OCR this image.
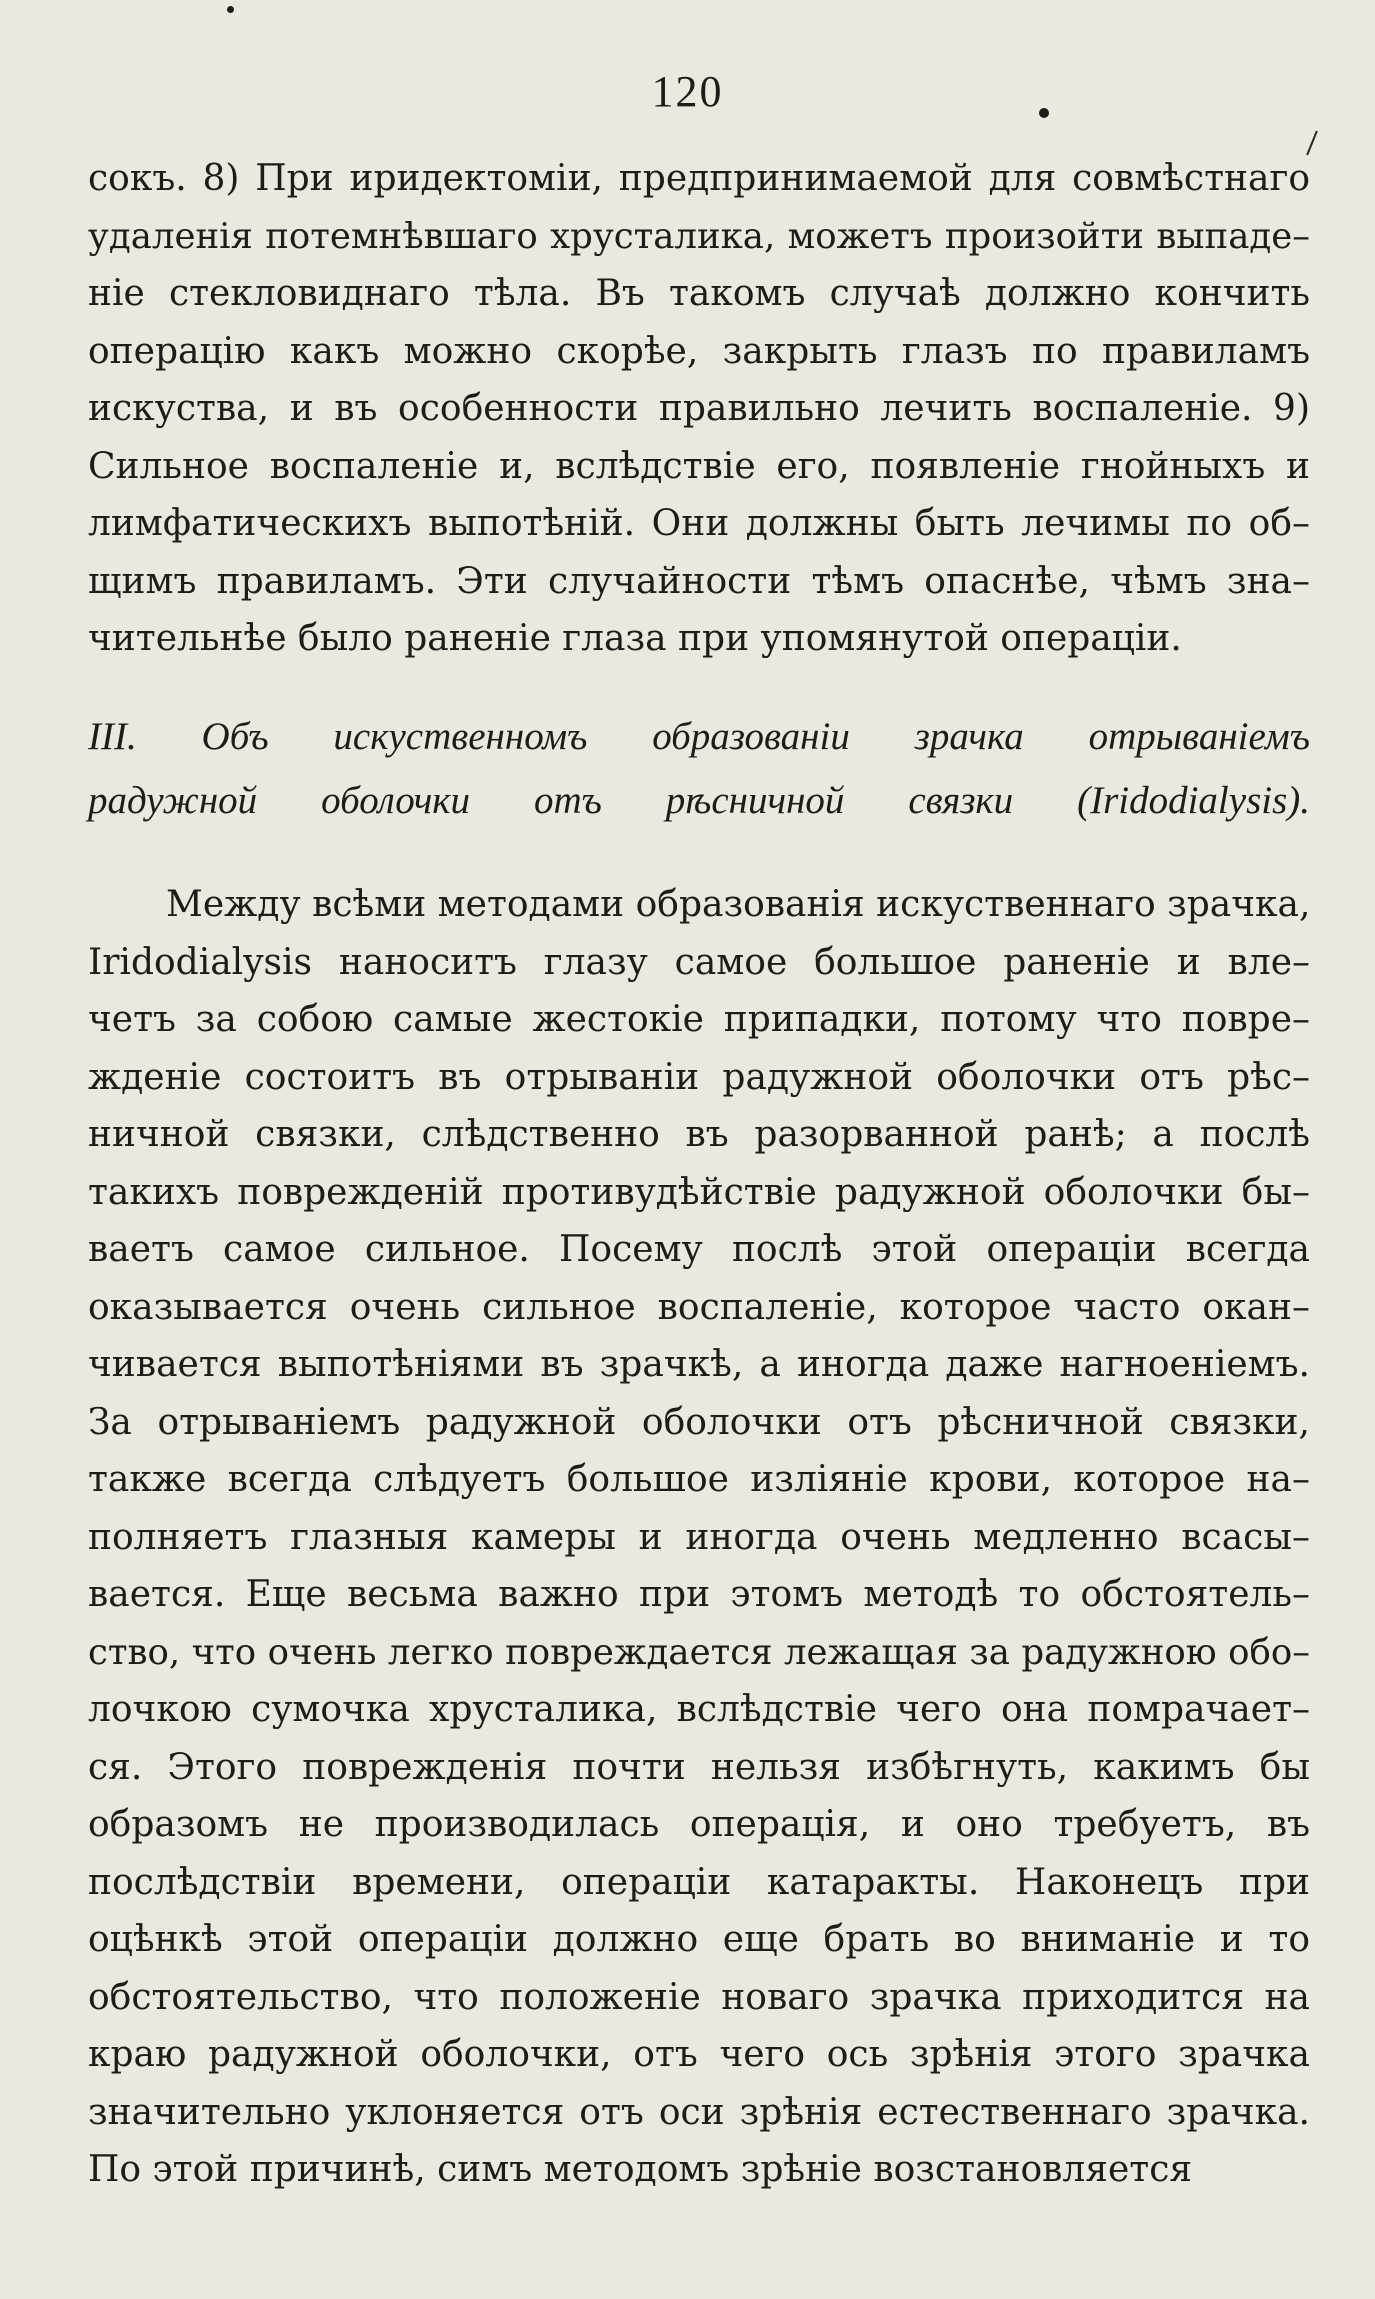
120
сокъ. 8) При иридектоміи, предпринимаемой для совмѣстнаго
удаленія потемнѣвшаго хрусталика, можетъ произойти выпаде–
ніе стекловиднаго тѣла. Въ такомъ случаѣ должно кончить
операцію какъ можно скорѣе, закрыть глазъ по правиламъ
искуства, и въ особенности правильно лечить воспаленіе. 9)
Сильное воспаленіе и, вслѣдствіе его, появленіе гнойныхъ и
лимфатическихъ выпотѣній. Они должны быть лечимы по об–
щимъ правиламъ. Эти случайности тѣмъ опаснѣе, чѣмъ зна–
чительнѣе было раненіе глаза при упомянутой операціи.
III. Объ искуственномъ образованіи зрачка отрываніемъ
радужной оболочки отъ рѣсничной связки (Iridodialysis).
Между всѣми методами образованія искуственнаго зрачка,
Iridodialysis наноситъ глазу самое большое раненіе и вле–
четъ за собою самые жестокіе припадки, потому что повре–
жденіе состоитъ въ отрываніи радужной оболочки отъ рѣс–
ничной связки, слѣдственно въ разорванной ранѣ; а послѣ
такихъ поврежденій противудѣйствіе радужной оболочки бы–
ваетъ самое сильное. Посему послѣ этой операціи всегда
оказывается очень сильное воспаленіе, которое часто окан–
чивается выпотѣніями въ зрачкѣ, а иногда даже нагноеніемъ.
За отрываніемъ радужной оболочки отъ рѣсничной связки,
также всегда слѣдуетъ большое изліяніе крови, которое на–
полняетъ глазныя камеры и иногда очень медленно всасы–
вается. Еще весьма важно при этомъ методѣ то обстоятель–
ство, что очень легко повреждается лежащая за радужною обо–
лочкою сумочка хрусталика, вслѣдствіе чего она помрачает–
ся. Этого поврежденія почти нельзя избѣгнуть, какимъ бы
образомъ не производилась операція, и оно требуетъ, въ
послѣдствіи времени, операціи катаракты. Наконецъ при
оцѣнкѣ этой операціи должно еще брать во вниманіе и то
обстоятельство, что положеніе новаго зрачка приходится на
краю радужной оболочки, отъ чего ось зрѣнія этого зрачка
значительно уклоняется отъ оси зрѣнія естественнаго зрачка.
По этой причинѣ, симъ методомъ зрѣніе возстановляется
